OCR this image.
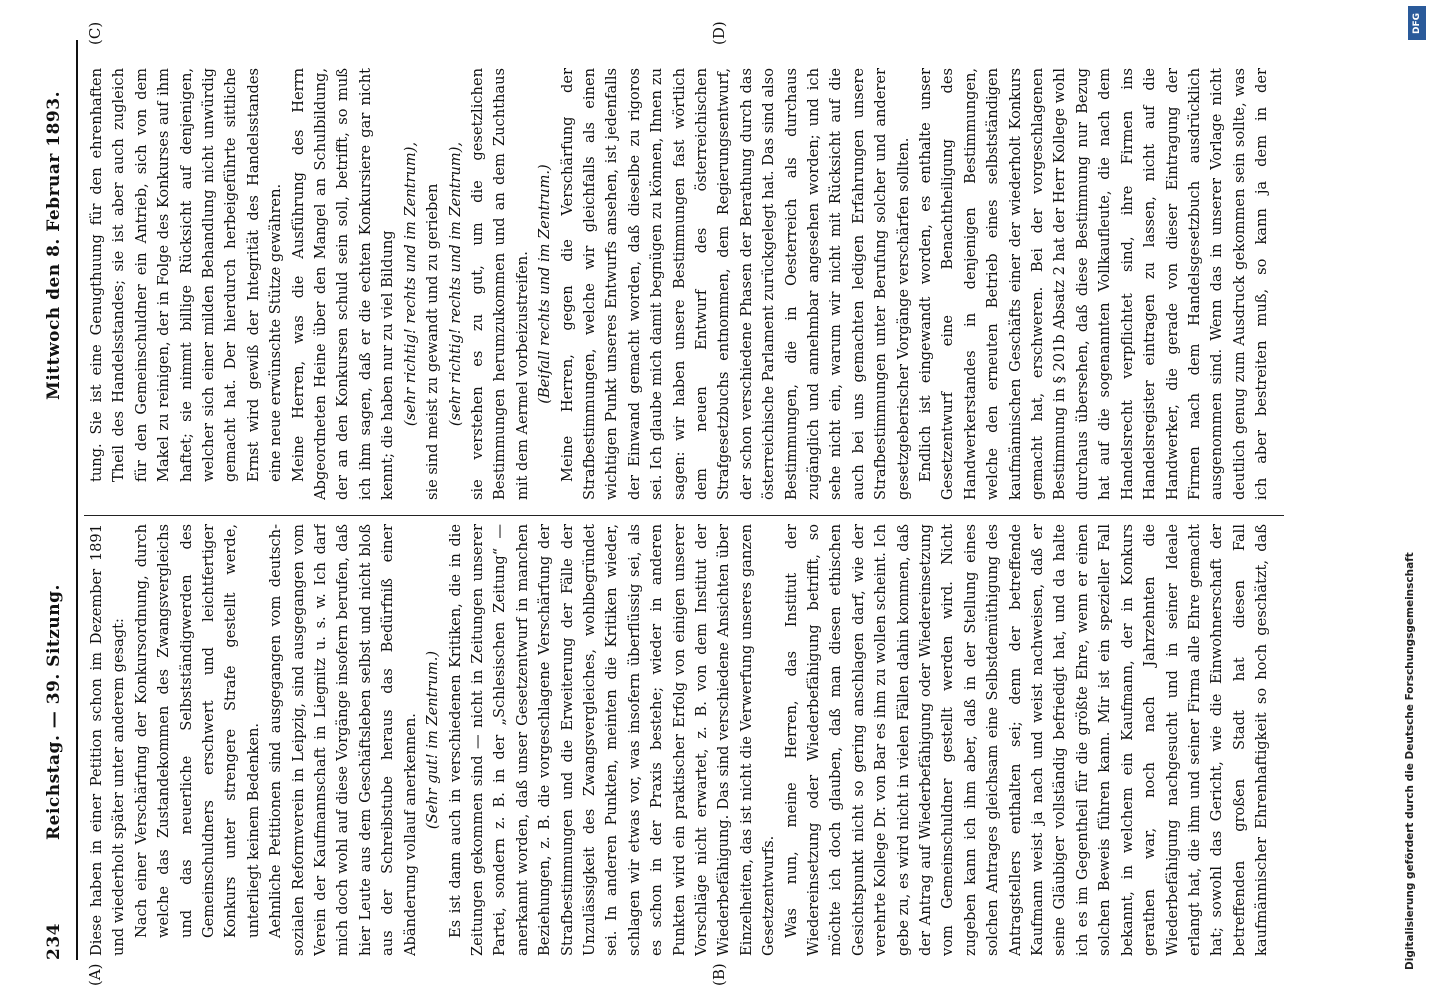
234
Reichstag. — 39. Sitzung.
Mittwoch den 8. Februar 1893.
(A)	(B)
(C)	(D)

Diese haben in einer Petition schon im Dezember 1891 und wiederholt später unter anderem gesagt: Nach einer Verschärfung der Konkursordnung, durch welche das Zustandekommen des Zwangsvergleichs und das neuerliche Selbstständigwerden des Gemeinschuldners erschwert und leichtfertiger Konkurs unter strengere Strafe gestellt werde, unterliegt keinem Bedenken. Aehnliche Petitionen sind ausgegangen vom deutsch-sozialen Reformverein in Leipzig, sind ausgegangen vom Verein der Kaufmannschaft in Liegnitz u. s. w. Ich darf mich doch wohl auf diese Vorgänge insofern berufen, daß hier Leute aus dem Geschäftsleben selbst und nicht bloß aus der Schreibstube heraus das Bedürfniß einer Abänderung vollauf anerkennen. (Sehr gut! im Zentrum.) Es ist dann auch in verschiedenen Kritiken, die in die Zeitungen gekommen sind — nicht in Zeitungen unserer Partei, sondern z. B. in der „Schlesischen Zeitung“ — anerkannt worden, daß unser Gesetzentwurf in manchen Beziehungen, z. B. die vorgeschlagene Verschärfung der Strafbestimmungen und die Erweiterung der Fälle der Unzulässigkeit des Zwangsvergleiches, wohlbegründet sei. In anderen Punkten, meinten die Kritiken wieder, schlagen wir etwas vor, was insofern überflüssig sei, als es schon in der Praxis bestehe; wieder in anderen Punkten wird ein praktischer Erfolg von einigen unserer Vorschläge nicht erwartet, z. B. von dem Institut der Wiederbefähigung. Das sind verschiedene Ansichten über Einzelheiten, das ist nicht die Verwerfung unseres ganzen Gesetzentwurfs. Was nun, meine Herren, das Institut der Wiedereinsetzung oder Wiederbefähigung betrifft, so möchte ich doch glauben, daß man diesen ethischen Gesichtspunkt nicht so gering anschlagen darf, wie der verehrte Kollege Dr. von Bar es ihm zu wollen scheint. Ich gebe zu, es wird nicht in vielen Fällen dahin kommen, daß der Antrag auf Wiederbefähigung oder Wiedereinsetzung vom Gemeinschuldner gestellt werden wird. Nicht zugeben kann ich ihm aber, daß in der Stellung eines solchen Antrages gleichsam eine Selbstdemüthigung des Antragstellers enthalten sei; denn der betreffende Kaufmann weist ja nach und weist nachweisen, daß er seine Gläubiger vollständig befriedigt hat, und da halte ich es im Gegentheil für die größte Ehre, wenn er einen solchen Beweis führen kann. Mir ist ein spezieller Fall bekannt, in welchem ein Kaufmann, der in Konkurs gerathen war, noch nach Jahrzehnten die Wiederbefähigung nachgesucht und in seiner Ideale erlangt hat, die ihm und seiner Firma alle Ehre gemacht hat; sowohl das Gericht, wie die Einwohnerschaft der betreffenden großen Stadt hat diesen Fall kaufmännischer Ehrenhaftigkeit so hoch geschätzt, daß

tung. Sie ist eine Genugthuung für den ehrenhaften Theil des Handelsstandes; sie ist aber auch zugleich für den Gemeinschuldner ein Antrieb, sich von dem Makel zu reinigen, der in Folge des Konkurses auf ihm haftet; sie nimmt billige Rücksicht auf denjenigen, welcher sich einer milden Behandlung nicht unwürdig gemacht hat. Der hierdurch herbeigeführte sittliche Ernst wird gewiß der Integrität des Handelsstandes eine neue erwünschte Stütze gewähren. Meine Herren, was die Ausführung des Herrn Abgeordneten Heine über den Mangel an Schulbildung, der an den Konkursen schuld sein soll, betrifft, so muß ich ihm sagen, daß er die echten Konkursiere gar nicht kennt; die haben nur zu viel Bildung (sehr richtig! rechts und im Zentrum), sie sind meist zu gewandt und zu gerieben (sehr richtig! rechts und im Zentrum), sie verstehen es zu gut, um die gesetzlichen Bestimmungen herumzukommen und an dem Zuchthaus mit dem Aermel vorbeizustreifen. (Beifall rechts und im Zentrum.) Meine Herren, gegen die Verschärfung der Strafbestimmungen, welche wir gleichfalls als einen wichtigen Punkt unseres Entwurfs ansehen, ist jedenfalls der Einwand gemacht worden, daß dieselbe zu rigoros sei. Ich glaube mich damit begnügen zu können, Ihnen zu sagen: wir haben unsere Bestimmungen fast wörtlich dem neuen Entwurf des österreichischen Strafgesetzbuchs entnommen, dem Regierungsentwurf, der schon verschiedene Phasen der Berathung durch das österreichische Parlament zurückgelegt hat. Das sind also Bestimmungen, die in Oesterreich als durchaus zugänglich und annehmbar angesehen worden; und ich sehe nicht ein, warum wir nicht mit Rücksicht auf die auch bei uns gemachten ledigen Erfahrungen unsere Strafbestimmungen unter Berufung solcher und anderer gesetzgeberischer Vorgänge verschärfen sollten. Endlich ist eingewandt worden, es enthalte unser Gesetzentwurf eine Benachtheiligung des Handwerkerstandes in denjenigen Bestimmungen, welche den erneuten Betrieb eines selbstständigen kaufmännischen Geschäfts einer der wiederholt Konkurs gemacht hat, erschweren. Bei der vorgeschlagenen Bestimmung in § 201b Absatz 2 hat der Herr Kollege wohl durchaus übersehen, daß diese Bestimmung nur Bezug hat auf die sogenannten Vollkaufleute, die nach dem Handelsrecht verpflichtet sind, ihre Firmen ins Handelsregister eintragen zu lassen, nicht auf die Handwerker, die gerade von dieser Eintragung der Firmen nach dem Handelsgesetzbuch ausdrücklich ausgenommen sind. Wenn das in unserer Vorlage nicht deutlich genug zum Ausdruck gekommen sein sollte, was ich aber bestreiten muß, so kann ja dem in der

DFG
Digitalisierung gefördert durch die Deutsche Forschungsgemeinschaft
